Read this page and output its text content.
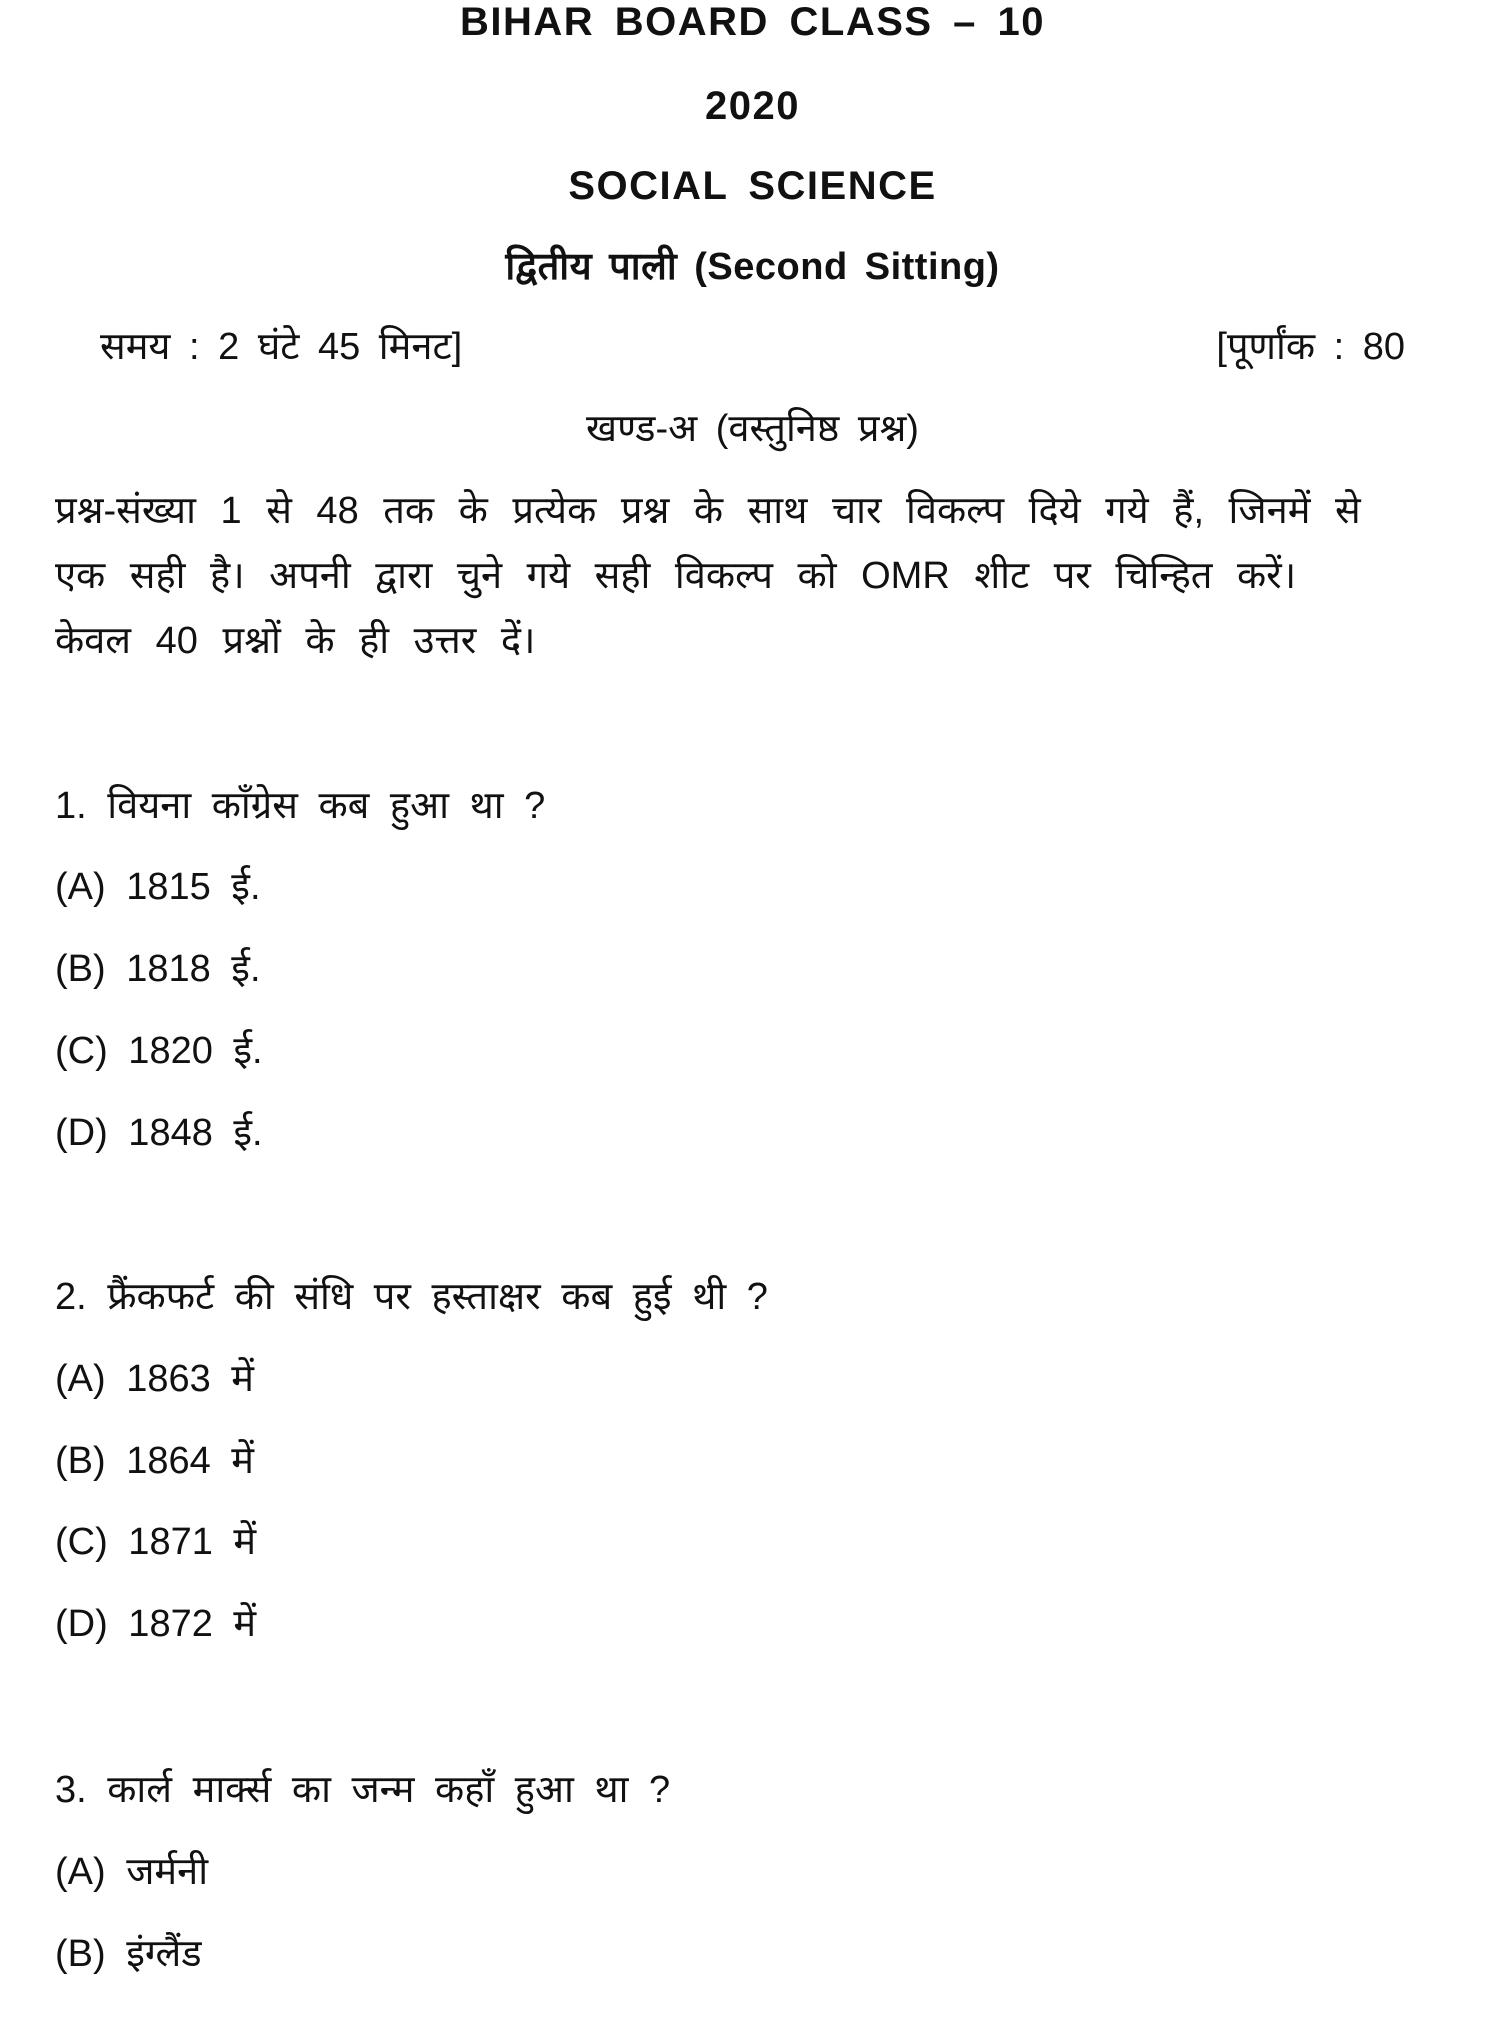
BIHAR BOARD CLASS – 10
2020
SOCIAL SCIENCE
द्वितीय पाली (Second Sitting)
समय : 2 घंटे 45 मिनट]	[पूर्णांक : 80
खण्ड-अ (वस्तुनिष्ठ प्रश्न)
प्रश्न-संख्या 1 से 48 तक के प्रत्येक प्रश्न के साथ चार विकल्प दिये गये हैं, जिनमें से
एक सही है। अपनी द्वारा चुने गये सही विकल्प को OMR शीट पर चिन्हित करें।
केवल 40 प्रश्नों के ही उत्तर दें।
1. वियना काँग्रेस कब हुआ था ?
(A) 1815 ई.
(B) 1818 ई.
(C) 1820 ई.
(D) 1848 ई.
2. फ्रैंकफर्ट की संधि पर हस्ताक्षर कब हुई थी ?
(A) 1863 में
(B) 1864 में
(C) 1871 में
(D) 1872 में
3. कार्ल मार्क्स का जन्म कहाँ हुआ था ?
(A) जर्मनी
(B) इंग्लैंड
